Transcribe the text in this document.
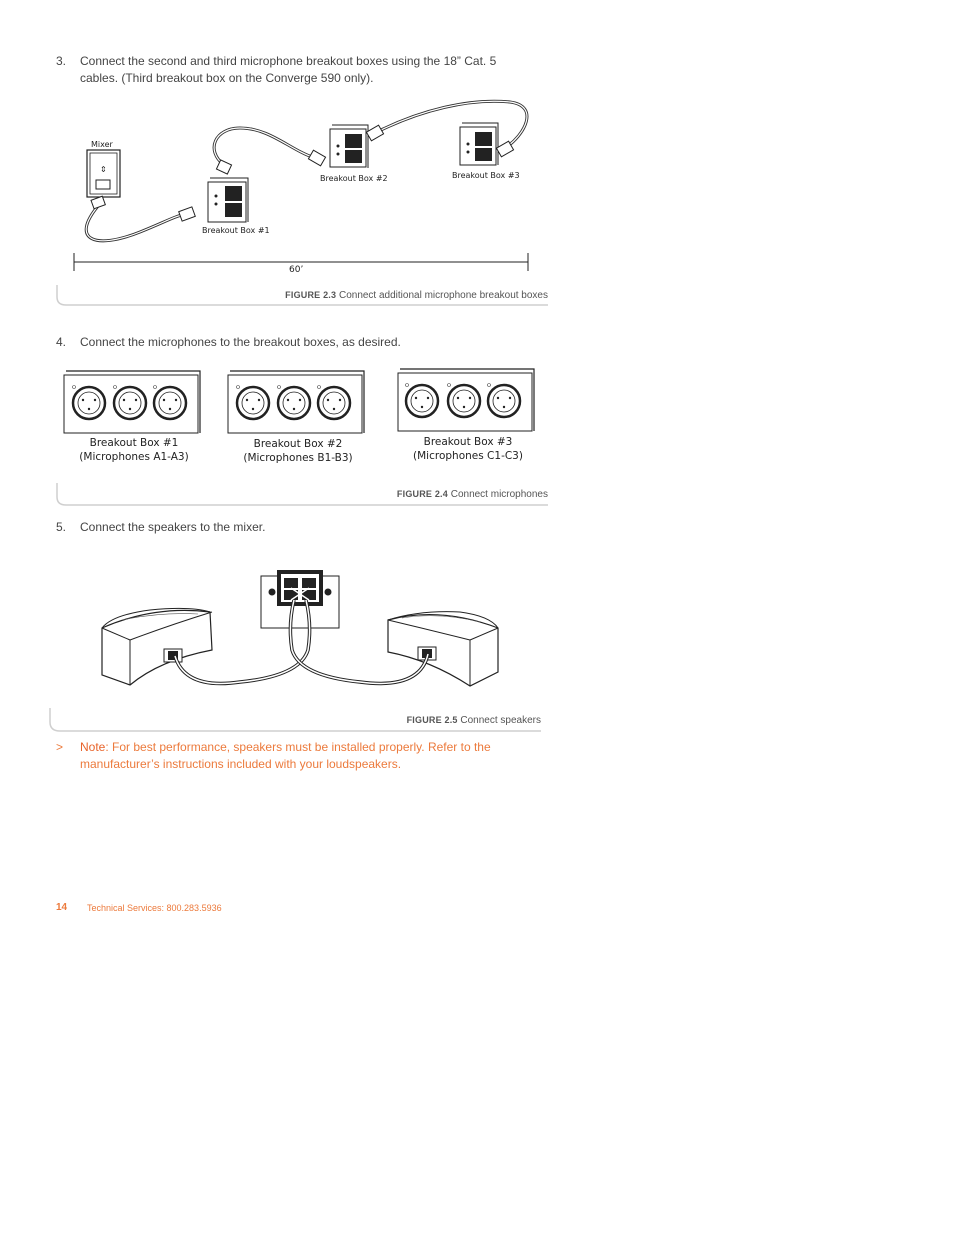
3. Connect the second and third microphone breakout boxes using the 18” Cat. 5
cables. (Third breakout box on the Converge 590 only).
⇕
Mixer
Breakout Box #1
Breakout Box #2	Breakout Box #3
60’
FIGURE 2.3 Connect additional microphone breakout boxes
4. Connect the microphones to the breakout boxes, as desired.
Breakout Box #1
(Microphones A1-A3)
Breakout Box #2
(Microphones B1-B3)
Breakout Box #3
(Microphones C1-C3)
FIGURE 2.4 Connect microphones
5. Connect the speakers to the mixer.
FIGURE 2.5 Connect speakers
> Note: For best performance, speakers must be installed properly. Refer to the
manufacturer’s instructions included with your loudspeakers.
14 Technical Services: 800.283.5936
